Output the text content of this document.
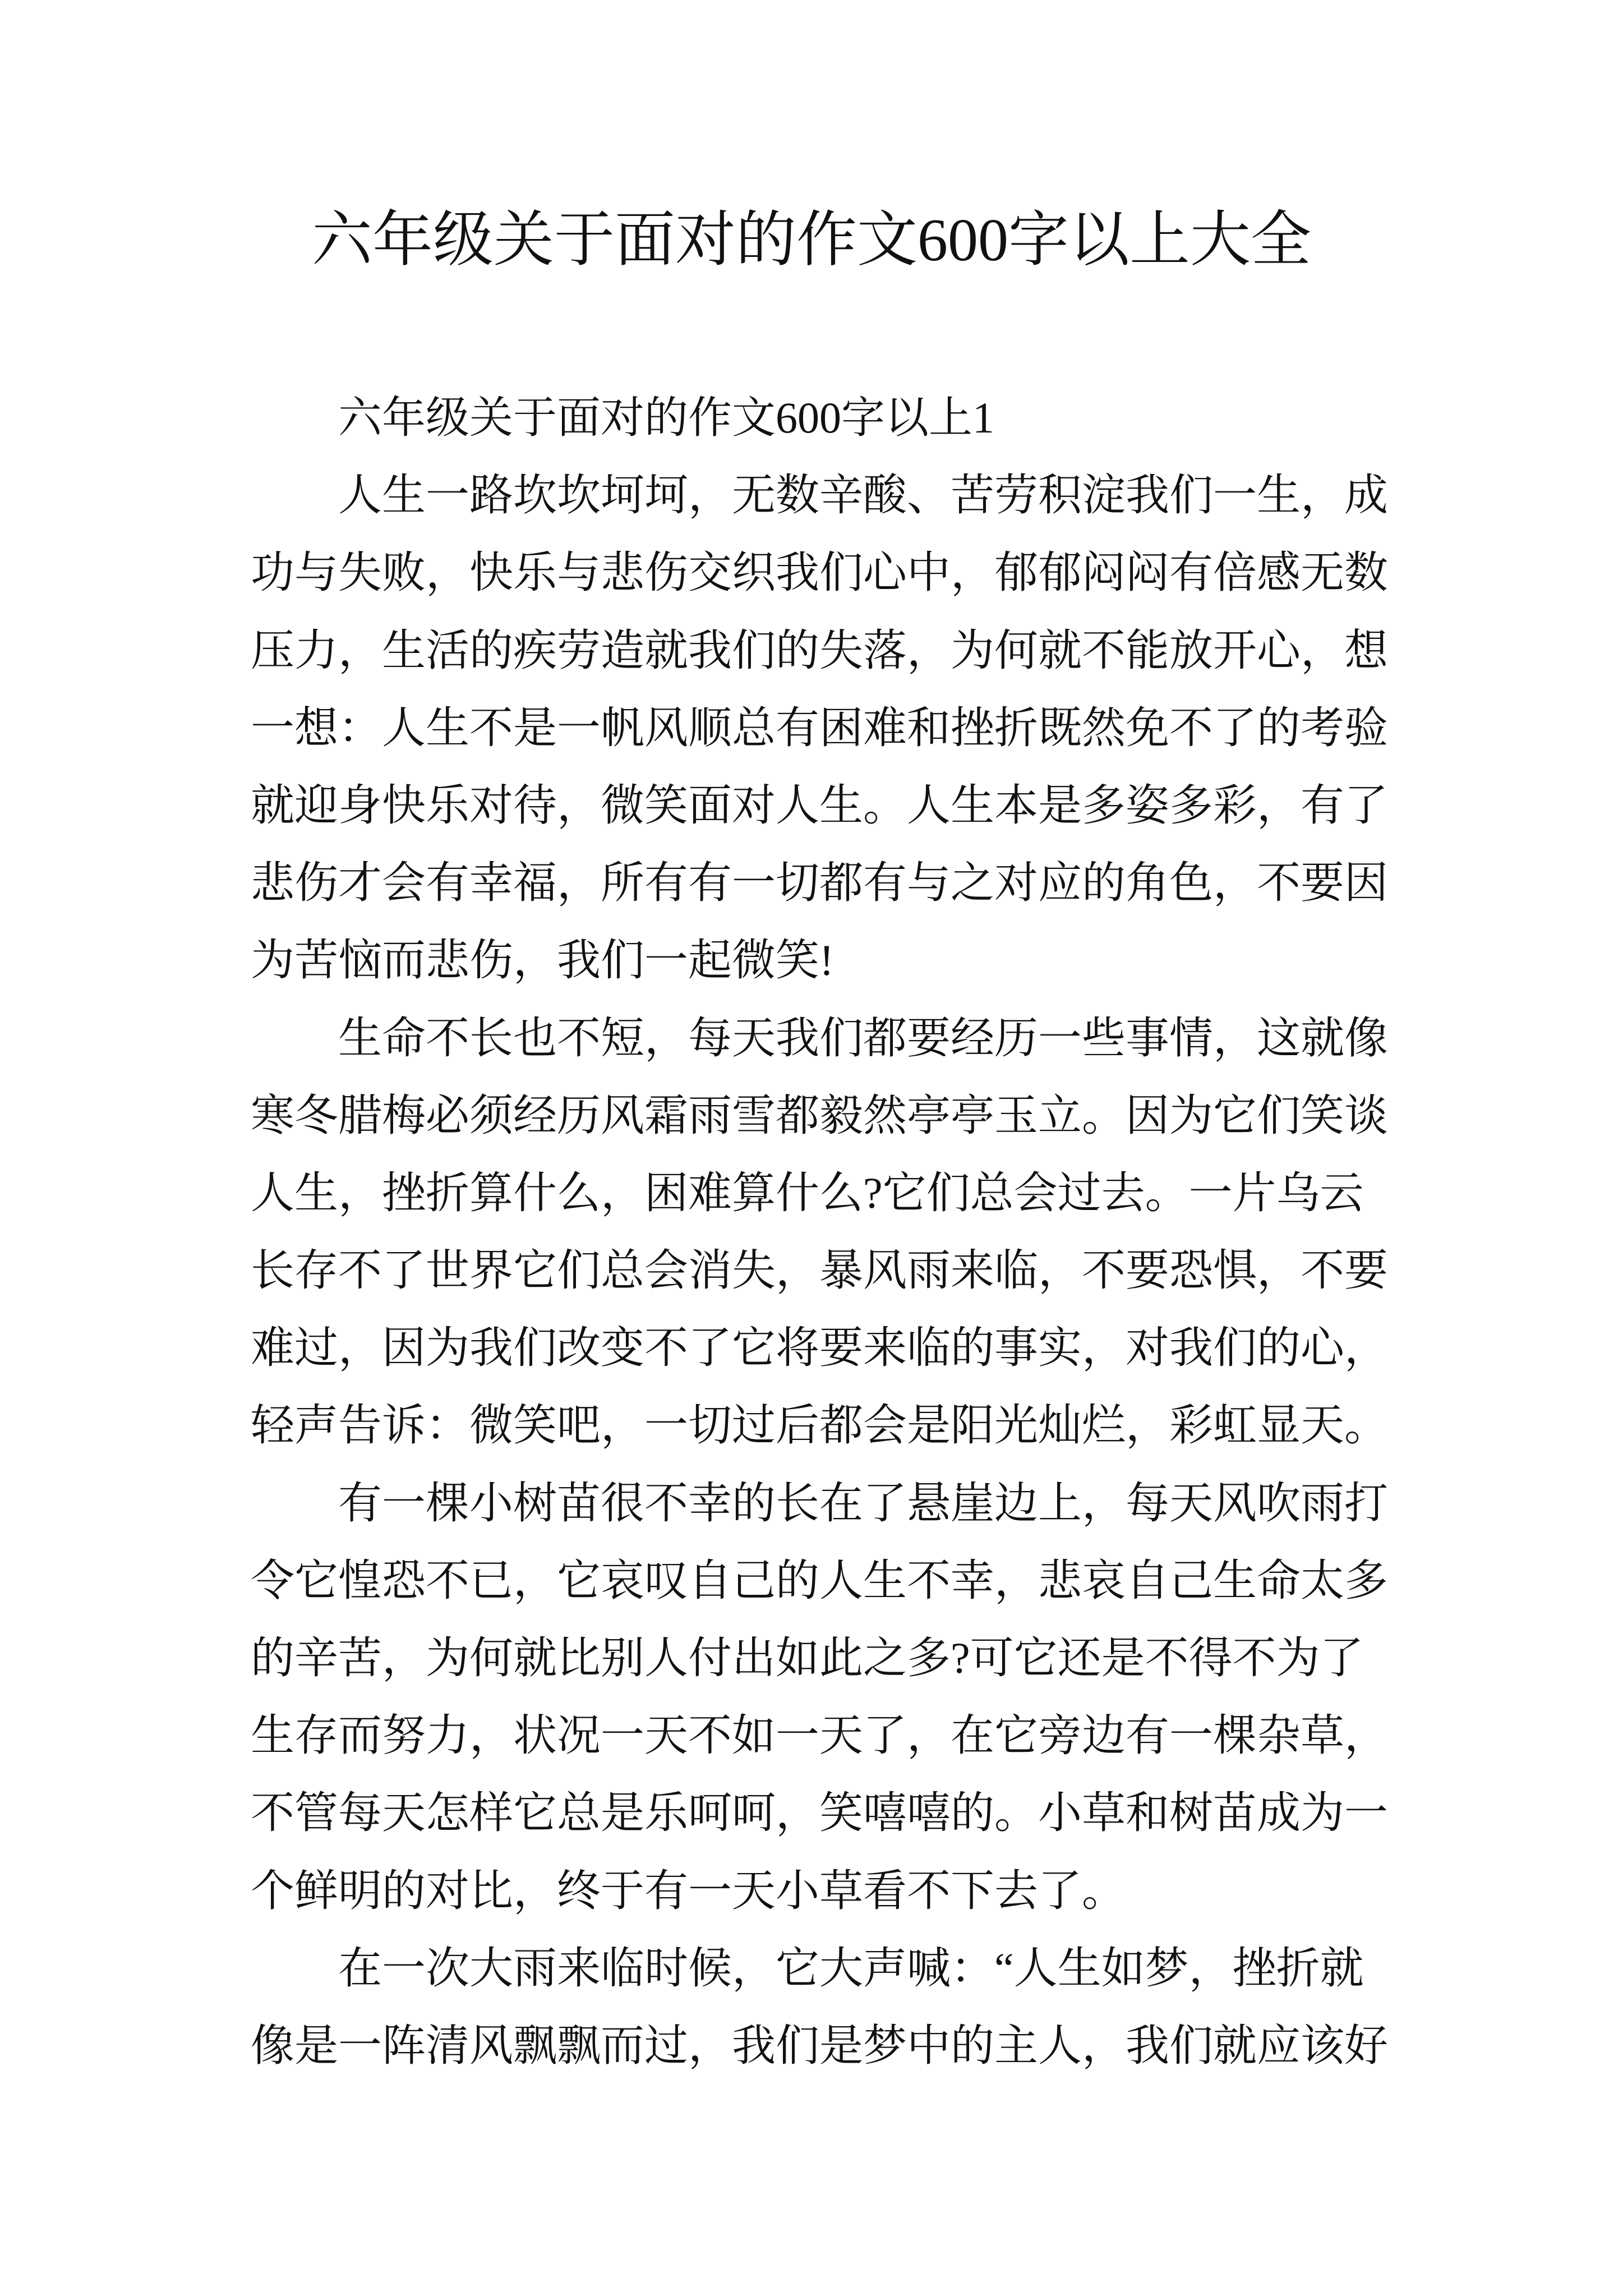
六年级关于面对的作文600字以上大全
六年级关于面对的作文600字以上1
人生一路坎坎坷坷，无数辛酸、苦劳积淀我们一生，成
功与失败，快乐与悲伤交织我们心中，郁郁闷闷有倍感无数
压力，生活的疾劳造就我们的失落，为何就不能放开心，想
一想：人生不是一帆风顺总有困难和挫折既然免不了的考验
就迎身快乐对待，微笑面对人生。人生本是多姿多彩，有了
悲伤才会有幸福，所有有一切都有与之对应的角色，不要因
为苦恼而悲伤，我们一起微笑!
生命不长也不短，每天我们都要经历一些事情，这就像
寒冬腊梅必须经历风霜雨雪都毅然亭亭玉立。因为它们笑谈
人生，挫折算什么，困难算什么?它们总会过去。一片乌云
长存不了世界它们总会消失，暴风雨来临，不要恐惧，不要
难过，因为我们改变不了它将要来临的事实，对我们的心，
轻声告诉：微笑吧，一切过后都会是阳光灿烂，彩虹显天。
有一棵小树苗很不幸的长在了悬崖边上，每天风吹雨打
令它惶恐不已，它哀叹自己的人生不幸，悲哀自己生命太多
的辛苦，为何就比别人付出如此之多?可它还是不得不为了
生存而努力，状况一天不如一天了，在它旁边有一棵杂草，
不管每天怎样它总是乐呵呵，笑嘻嘻的。小草和树苗成为一
个鲜明的对比，终于有一天小草看不下去了。
在一次大雨来临时候，它大声喊：“人生如梦，挫折就
像是一阵清风飘飘而过，我们是梦中的主人，我们就应该好
